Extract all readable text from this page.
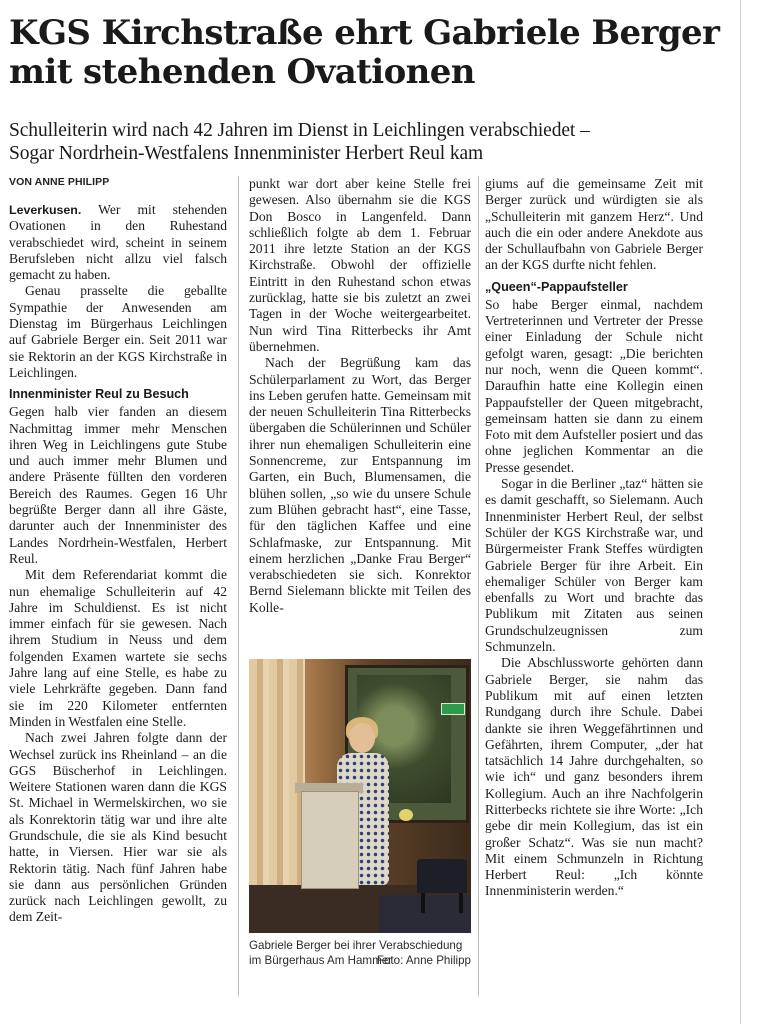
KGS Kirchstraße ehrt Gabriele Berger
mit stehenden Ovationen
Schulleiterin wird nach 42 Jahren im Dienst in Leichlingen verabschiedet –
Sogar Nordrhein-Westfalens Innenminister Herbert Reul kam
VON ANNE PHILIPP

Leverkusen. Wer mit stehenden Ovationen in den Ruhestand verabschiedet wird, scheint in seinem Berufsleben nicht allzu viel falsch gemacht zu haben.

Genau prasselte die geballte Sympathie der Anwesenden am Dienstag im Bürgerhaus Leichlingen auf Gabriele Berger ein. Seit 2011 war sie Rektorin an der KGS Kirchstraße in Leichlingen.

Innenminister Reul zu Besuch

Gegen halb vier fanden an diesem Nachmittag immer mehr Menschen ihren Weg in Leichlingens gute Stube und auch immer mehr Blumen und andere Präsente füllten den vorderen Bereich des Raumes. Gegen 16 Uhr begrüßte Berger dann all ihre Gäste, darunter auch der Innenminister des Landes Nordrhein-Westfalen, Herbert Reul.

Mit dem Referendariat kommt die nun ehemalige Schulleiterin auf 42 Jahre im Schuldienst. Es ist nicht immer einfach für sie gewesen. Nach ihrem Studium in Neuss und dem folgenden Examen wartete sie sechs Jahre lang auf eine Stelle, es habe zu viele Lehrkräfte gegeben. Dann fand sie im 220 Kilometer entfernten Minden in Westfalen eine Stelle.

Nach zwei Jahren folgte dann der Wechsel zurück ins Rheinland – an die GGS Büscherhof in Leichlingen. Weitere Stationen waren dann die KGS St. Michael in Wermelskirchen, wo sie als Konrektorin tätig war und ihre alte Grundschule, die sie als Kind besucht hatte, in Viersen. Hier war sie als Rektorin tätig. Nach fünf Jahren habe sie dann aus persönlichen Gründen zurück nach Leichlingen gewollt, zu dem Zeit-

punkt war dort aber keine Stelle frei gewesen. Also übernahm sie die KGS Don Bosco in Langenfeld. Dann schließlich folgte ab dem 1. Februar 2011 ihre letzte Station an der KGS Kirchstraße. Obwohl der offizielle Eintritt in den Ruhestand schon etwas zurücklag, hatte sie bis zuletzt an zwei Tagen in der Woche weitergearbeitet. Nun wird Tina Ritterbecks ihr Amt übernehmen.

Nach der Begrüßung kam das Schülerparlament zu Wort, das Berger ins Leben gerufen hatte. Gemeinsam mit der neuen Schulleiterin Tina Ritterbecks übergaben die Schülerinnen und Schüler ihrer nun ehemaligen Schulleiterin eine Sonnencreme, zur Entspannung im Garten, ein Buch, Blumensamen, die blühen sollen, „so wie du unsere Schule zum Blühen gebracht hast“, eine Tasse, für den täglichen Kaffee und eine Schlafmaske, zur Entspannung. Mit einem herzlichen „Danke Frau Berger“ verabschiedeten sie sich. Konrektor Bernd Sielemann blickte mit Teilen des Kolle-

Gabriele Berger bei ihrer Verabschiedung im Bürgerhaus Am Hammer
Foto: Anne Philipp

giums auf die gemeinsame Zeit mit Berger zurück und würdigten sie als „Schulleiterin mit ganzem Herz“. Und auch die ein oder andere Anekdote aus der Schullaufbahn von Gabriele Berger an der KGS durfte nicht fehlen.

„Queen“-Pappaufsteller

So habe Berger einmal, nachdem Vertreterinnen und Vertreter der Presse einer Einladung der Schule nicht gefolgt waren, gesagt: „Die berichten nur noch, wenn die Queen kommt“. Daraufhin hatte eine Kollegin einen Pappaufsteller der Queen mitgebracht, gemeinsam hatten sie dann zu einem Foto mit dem Aufsteller posiert und das ohne jeglichen Kommentar an die Presse gesendet.

Sogar in die Berliner „taz“ hätten sie es damit geschafft, so Sielemann. Auch Innenminister Herbert Reul, der selbst Schüler der KGS Kirchstraße war, und Bürgermeister Frank Steffes würdigten Gabriele Berger für ihre Arbeit. Ein ehemaliger Schüler von Berger kam ebenfalls zu Wort und brachte das Publikum mit Zitaten aus seinen Grundschulzeugnissen zum Schmunzeln.

Die Abschlussworte gehörten dann Gabriele Berger, sie nahm das Publikum mit auf einen letzten Rundgang durch ihre Schule. Dabei dankte sie ihren Weggefährtinnen und Gefährten, ihrem Computer, „der hat tatsächlich 14 Jahre durchgehalten, so wie ich“ und ganz besonders ihrem Kollegium. Auch an ihre Nachfolgerin Ritterbecks richtete sie ihre Worte: „Ich gebe dir mein Kollegium, das ist ein großer Schatz“. Was sie nun macht? Mit einem Schmunzeln in Richtung Herbert Reul: „Ich könnte Innenministerin werden.“
